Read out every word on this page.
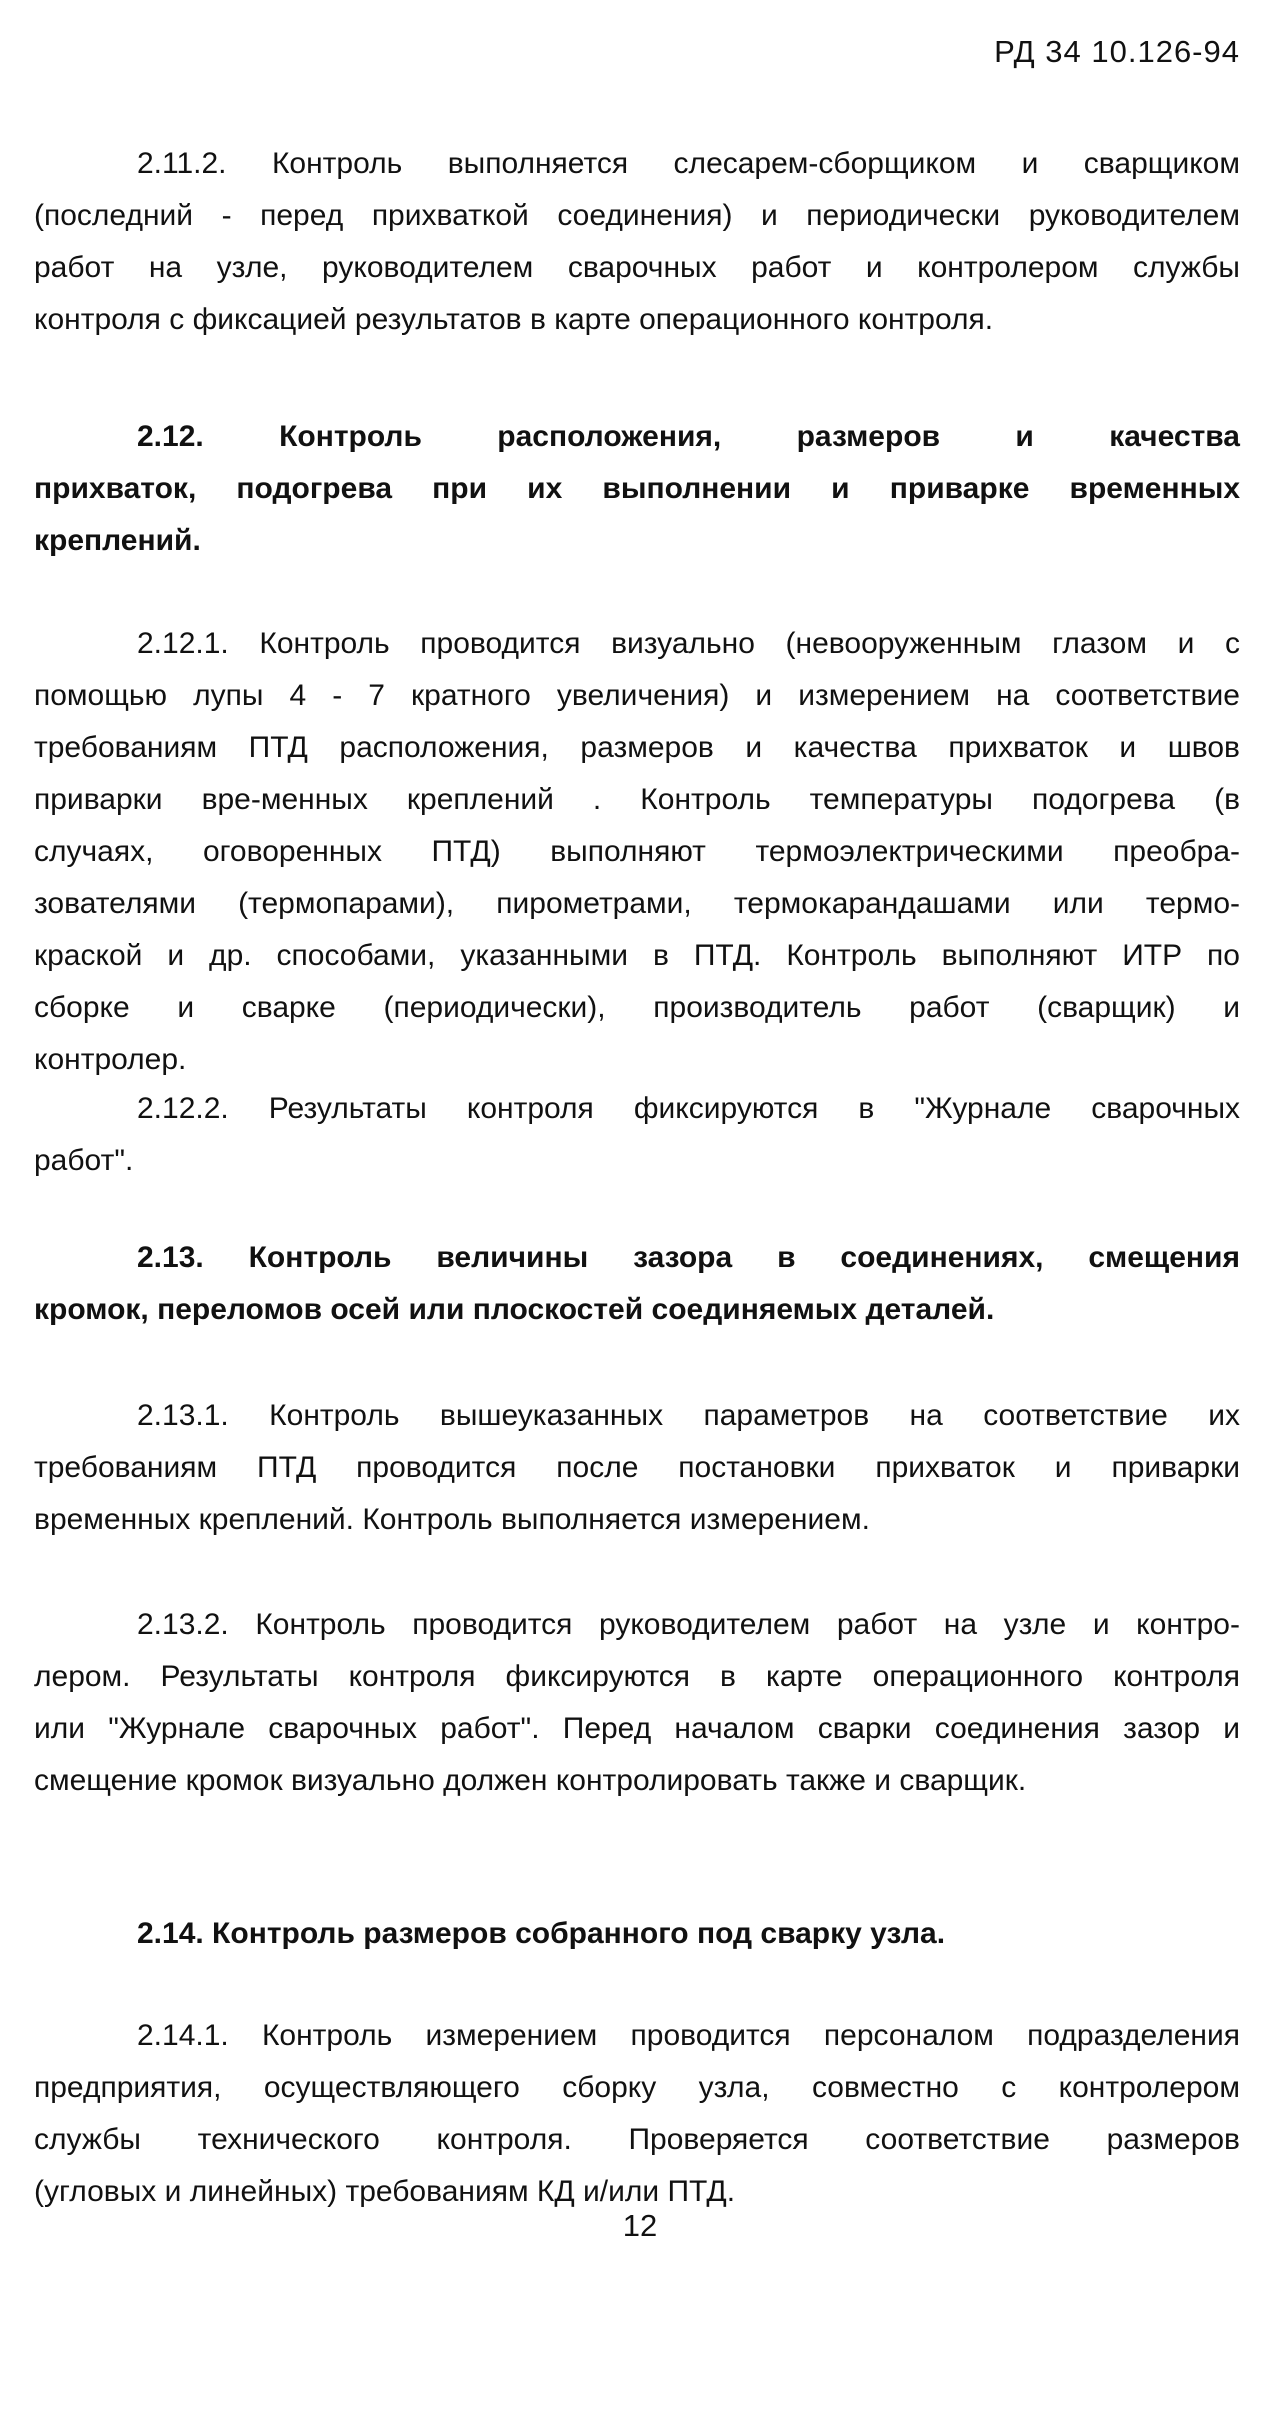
РД 34 10.126-94
2.11.2. Контроль выполняется слесарем-сборщиком и сварщиком
(последний - перед прихваткой соединения) и периодически руководителем
работ на узле, руководителем сварочных работ и контролером службы
контроля с фиксацией результатов в карте операционного контроля.
2.12. Контроль расположения, размеров и качества
прихваток, подогрева при их выполнении и приварке временных
креплений.
2.12.1. Контроль проводится визуально (невооруженным глазом и с
помощью лупы 4 - 7 кратного увеличения) и измерением на соответствие
требованиям ПТД расположения, размеров и качества прихваток и швов
приварки вре-менных креплений . Контроль температуры подогрева (в
случаях, оговоренных ПТД) выполняют термоэлектрическими преобра-
зователями (термопарами), пирометрами, термокарандашами или термо-
краской и др. способами, указанными в ПТД. Контроль выполняют ИТР по
сборке и сварке (периодически), производитель работ (сварщик) и
контролер.
2.12.2. Результаты контроля фиксируются в "Журнале сварочных
работ".
2.13. Контроль величины зазора в соединениях, смещения
кромок, переломов осей или плоскостей соединяемых деталей.
2.13.1. Контроль вышеуказанных параметров на соответствие их
требованиям ПТД проводится после постановки прихваток и приварки
временных креплений. Контроль выполняется измерением.
2.13.2. Контроль проводится руководителем работ на узле и контро-
лером. Результаты контроля фиксируются в карте операционного контроля
или "Журнале сварочных работ". Перед началом сварки соединения зазор и
смещение кромок визуально должен контролировать также и сварщик.
2.14. Контроль размеров собранного под сварку узла.
2.14.1. Контроль измерением проводится персоналом подразделения
предприятия, осуществляющего сборку узла, совместно с контролером
службы технического контроля. Проверяется соответствие размеров
(угловых и линейных) требованиям КД и/или ПТД.
12
